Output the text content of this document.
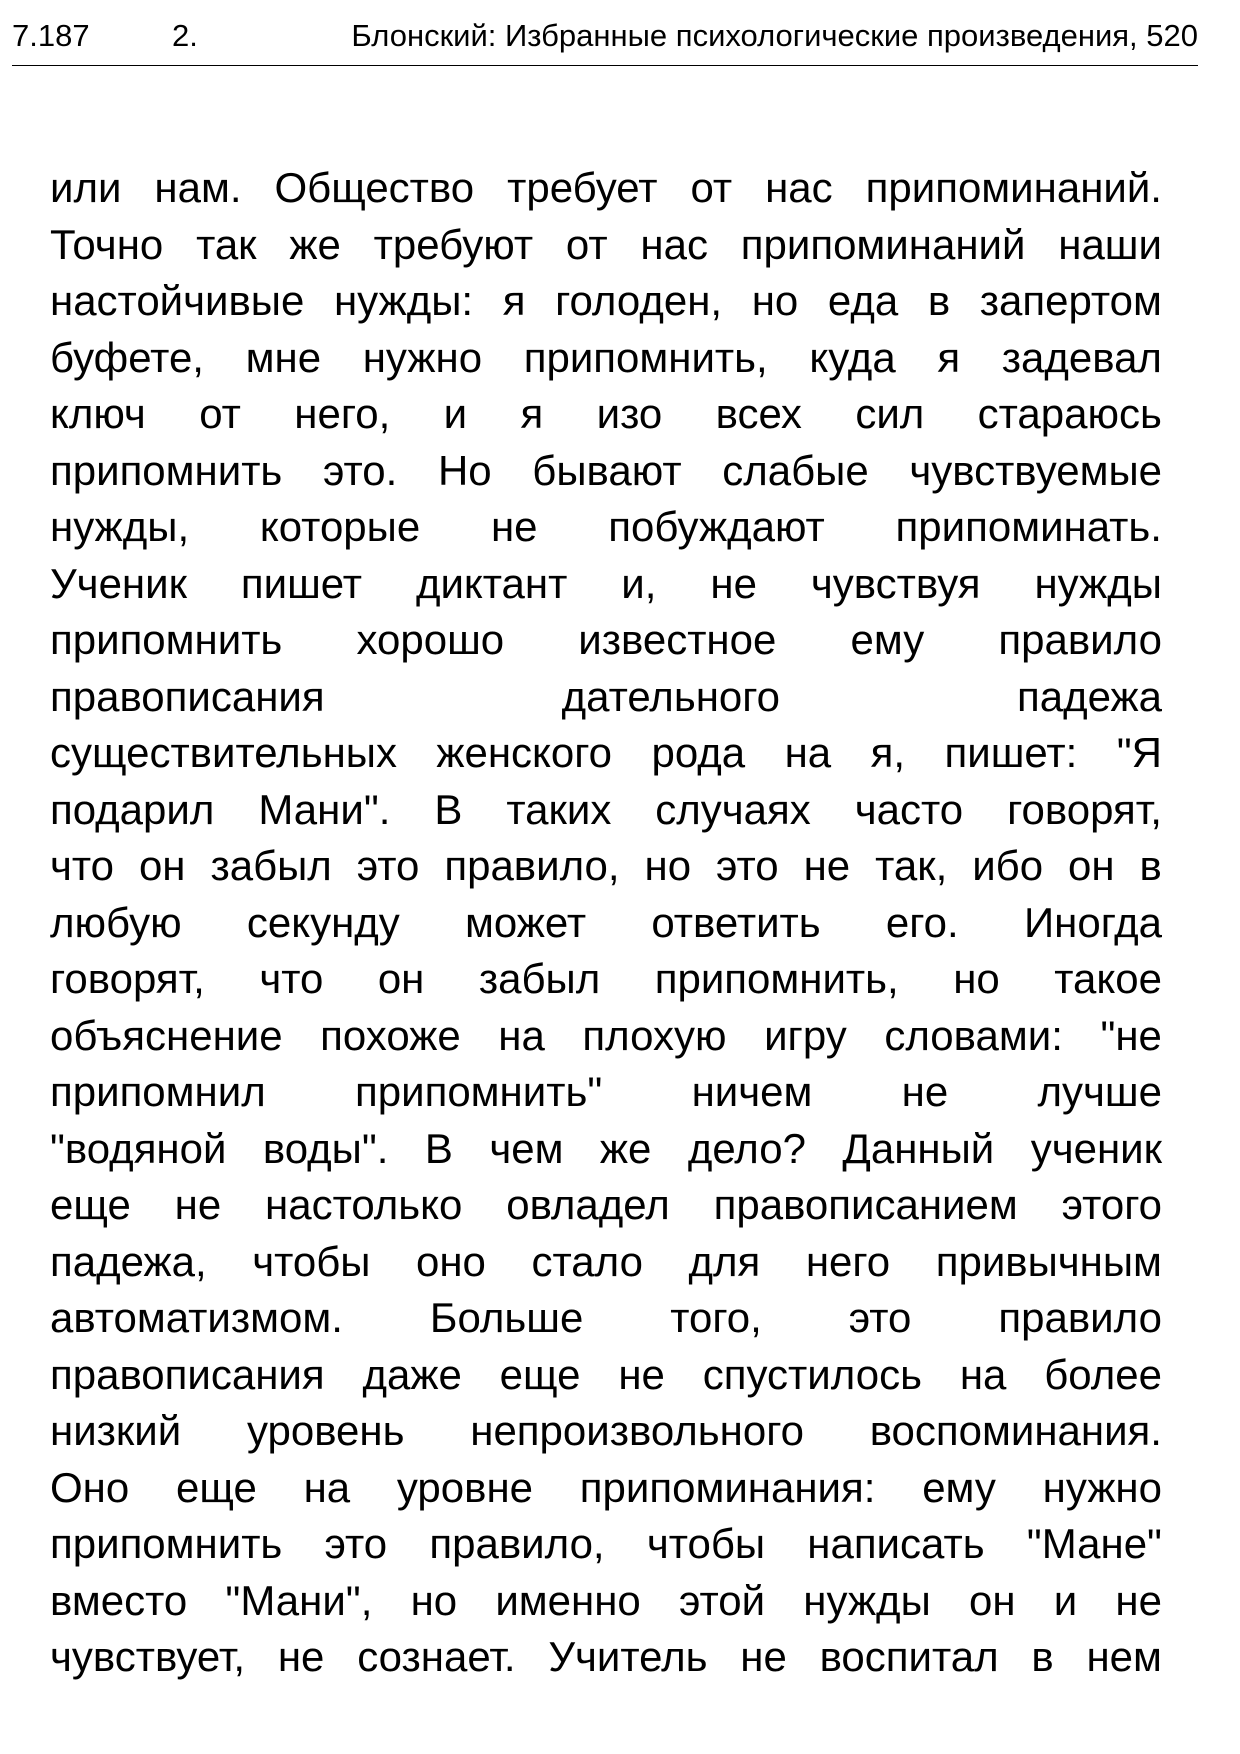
7.187	2.	Блонский: Избранные психологические произведения, 520
или нам. Общество требует от нас припоминаний.
Точно так же требуют от нас припоминаний наши
настойчивые нужды: я голоден, но еда в запертом
буфете, мне нужно припомнить, куда я задевал
ключ от него, и я изо всех сил стараюсь
припомнить это. Но бывают слабые чувствуемые
нужды, которые не побуждают припоминать.
Ученик пишет диктант и, не чувствуя нужды
припомнить хорошо известное ему правило
правописания	дательного	падежа
существительных женского рода на я, пишет: "Я
подарил Мани". В таких случаях часто говорят,
что он забыл это правило, но это не так, ибо он в
любую секунду может ответить его. Иногда
говорят, что он забыл припомнить, но такое
объяснение похоже на плохую игру словами: "не
припомнил припомнить" ничем не лучше
"водяной воды". В чем же дело? Данный ученик
еще не настолько овладел правописанием этого
падежа, чтобы оно стало для него привычным
автоматизмом. Больше того, это правило
правописания даже еще не спустилось на более
низкий уровень непроизвольного воспоминания.
Оно еще на уровне припоминания: ему нужно
припомнить это правило, чтобы написать "Мане"
вместо "Мани", но именно этой нужды он и не
чувствует, не сознает. Учитель не воспитал в нем
